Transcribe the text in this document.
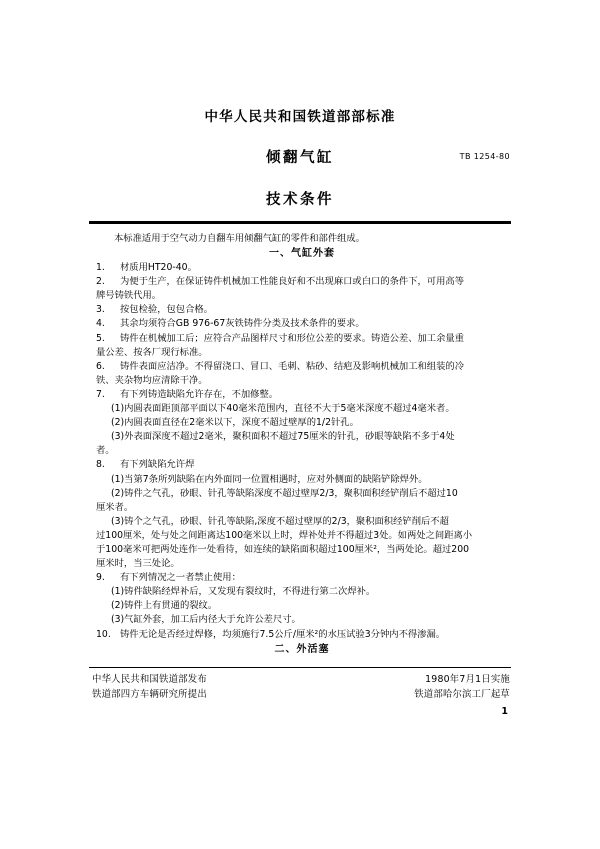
中华人民共和国铁道部部标准
倾翻气缸	TB 1254-80
技术条件

本标准适用于空气动力自翻车用倾翻气缸的零件和部件组成。

一、气缸外套

1.	材质用HT20-40。

2.	为便于生产，在保证铸件机械加工性能良好和不出现麻口或白口的条件下，可用高等

牌号铸铁代用。

3.	按包检验，包包合格。

4.	其余均须符合GB 976-67灰铁铸件分类及技术条件的要求。

5.	铸件在机械加工后；应符合产品图样尺寸和形位公差的要求。铸造公差、加工余量重

量公差、按各厂现行标准。

6.	铸件表面应洁净。不得留浇口、冒口、毛刺、粘砂、结疤及影响机械加工和组装的冷

铁、夹杂物均应清除干净。

7.	有下列铸造缺陷允许存在，不加修整。

(1)内圆表面距顶部平面以下40毫米范围内，直径不大于5毫米深度不超过4毫米者。

(2)内圆表面直径在2毫米以下，深度不超过壁厚的1/2针孔。

(3)外表面深度不超过2毫米，聚积面积不超过75厘米的针孔，砂眼等缺陷不多于4处

者。

8.	有下列缺陷允许焊

(1)当第7条所列缺陷在内外面同一位置相遇时，应对外侧面的缺陷铲除焊外。

(2)铸件之气孔，砂眼、针孔等缺陷深度不超过壁厚2/3，聚积面积经铲削后不超过10

厘米者。

(3)铸个之气孔，砂眼、针孔等缺陷,深度不超过壁厚的2/3，聚积面积经铲削后不超

过100厘米，处与处之间距离达100毫米以上时，焊补处并不得超过3处。如两处之间距离小

于100毫米可把两处连作一处看待，如连续的缺陷面积超过100厘米²，当两处论。超过200

厘米时，当三处论。

9.	有下列情况之一者禁止使用：

(1)铸件缺陷经焊补后，又发现有裂纹时，不得进行第二次焊补。

(2)铸件上有贯通的裂纹。

(3)气缸外套，加工后内径大于允许公差尺寸。

10. 铸件无论是否经过焊修，均须施行7.5公斤/厘米²的水压试验3分钟内不得渗漏。

二、外活塞

中华人民共和国铁道部发布	1980年7月1日实施
铁道部四方车辆研究所提出	铁道部哈尔滨工厂起草
1
